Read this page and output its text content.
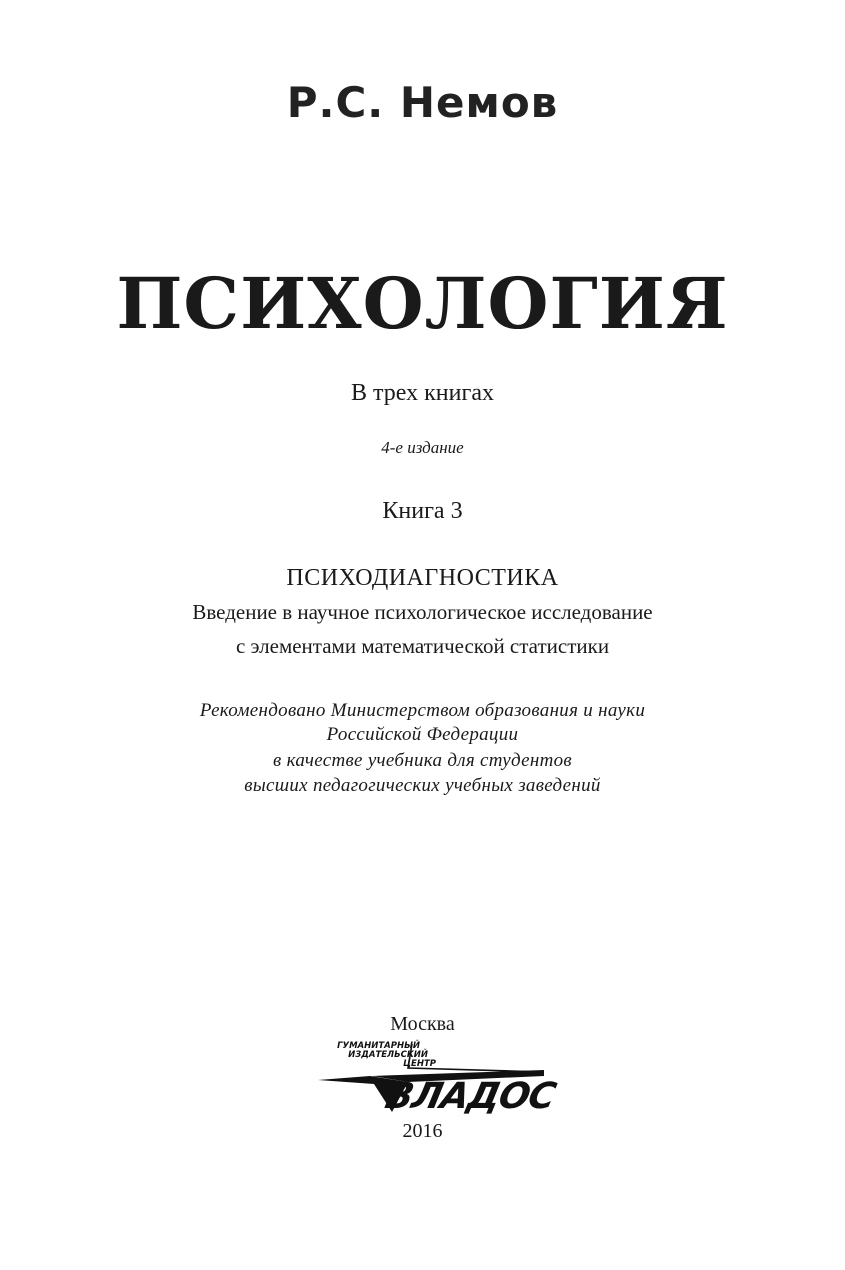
Р.С. Немов
ПСИХОЛОГИЯ
В трех книгах
4-е издание
Книга 3
ПСИХОДИАГНОСТИКА
Введение в научное психологическое исследование
с элементами математической статистики
Рекомендовано Министерством образования и науки
Российской Федерации
в качестве учебника для студентов
высших педагогических учебных заведений
Москва
ГУМАНИТАРНЫЙ
ИЗДАТЕЛЬСКИЙ
ЦЕНТР
ВЛАДОС
2016
